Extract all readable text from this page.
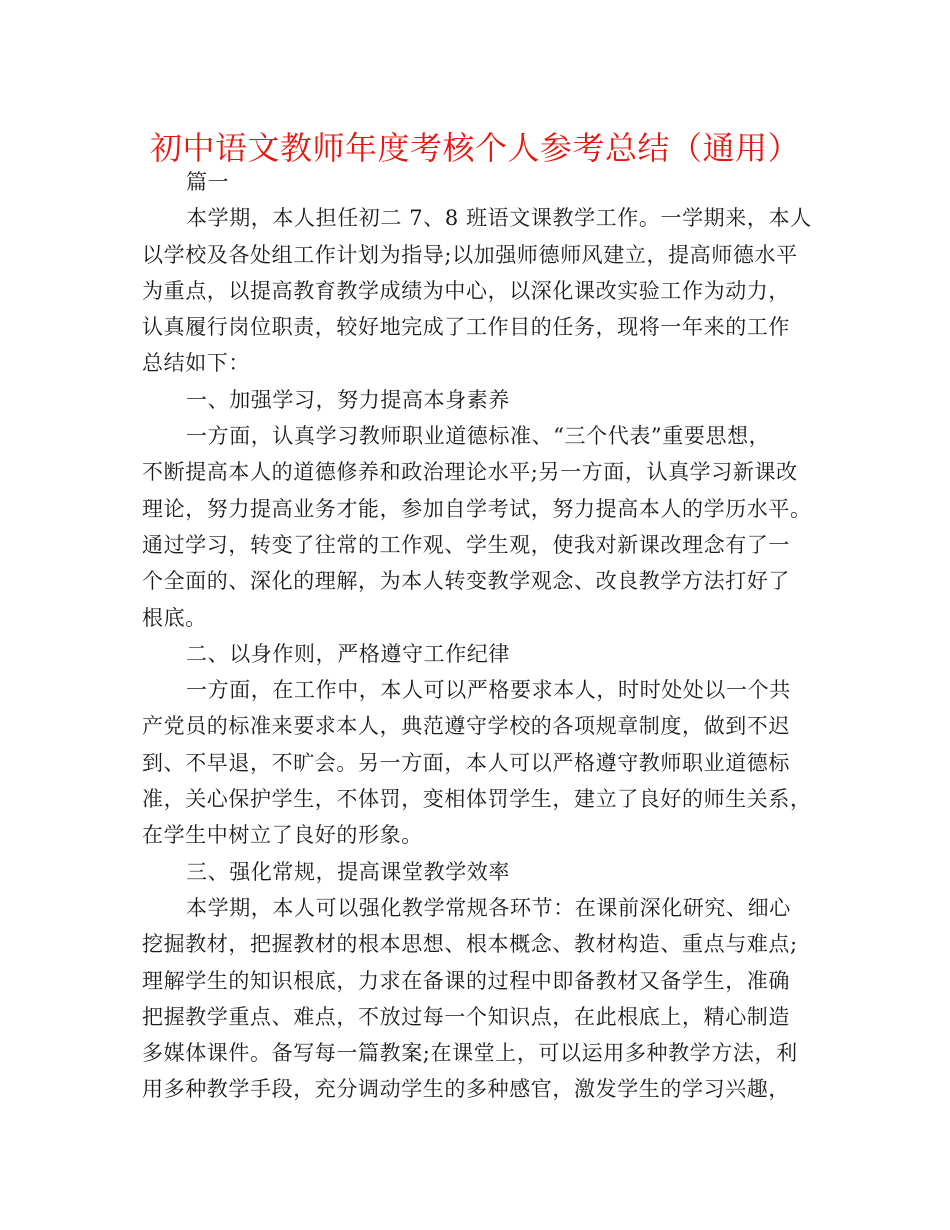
初中语文教师年度考核个人参考总结（通用）
篇一
本学期，本人担任初二 7、8 班语文课教学工作。一学期来，本人
以学校及各处组工作计划为指导;以加强师德师风建立，提高师德水平
为重点，以提高教育教学成绩为中心，以深化课改实验工作为动力，
认真履行岗位职责，较好地完成了工作目的任务，现将一年来的工作
总结如下：
一、加强学习，努力提高本身素养
一方面，认真学习教师职业道德标准、“三个代表”重要思想，
不断提高本人的道德修养和政治理论水平;另一方面，认真学习新课改
理论，努力提高业务才能，参加自学考试，努力提高本人的学历水平。
通过学习，转变了往常的工作观、学生观，使我对新课改理念有了一
个全面的、深化的理解，为本人转变教学观念、改良教学方法打好了
根底。
二、以身作则，严格遵守工作纪律
一方面，在工作中，本人可以严格要求本人，时时处处以一个共
产党员的标准来要求本人，典范遵守学校的各项规章制度，做到不迟
到、不早退，不旷会。另一方面，本人可以严格遵守教师职业道德标
准，关心保护学生，不体罚，变相体罚学生，建立了良好的师生关系，
在学生中树立了良好的形象。
三、强化常规，提高课堂教学效率
本学期，本人可以强化教学常规各环节：在课前深化研究、细心
挖掘教材，把握教材的根本思想、根本概念、教材构造、重点与难点;
理解学生的知识根底，力求在备课的过程中即备教材又备学生，准确
把握教学重点、难点，不放过每一个知识点，在此根底上，精心制造
多媒体课件。备写每一篇教案;在课堂上，可以运用多种教学方法，利
用多种教学手段，充分调动学生的多种感官，激发学生的学习兴趣，
